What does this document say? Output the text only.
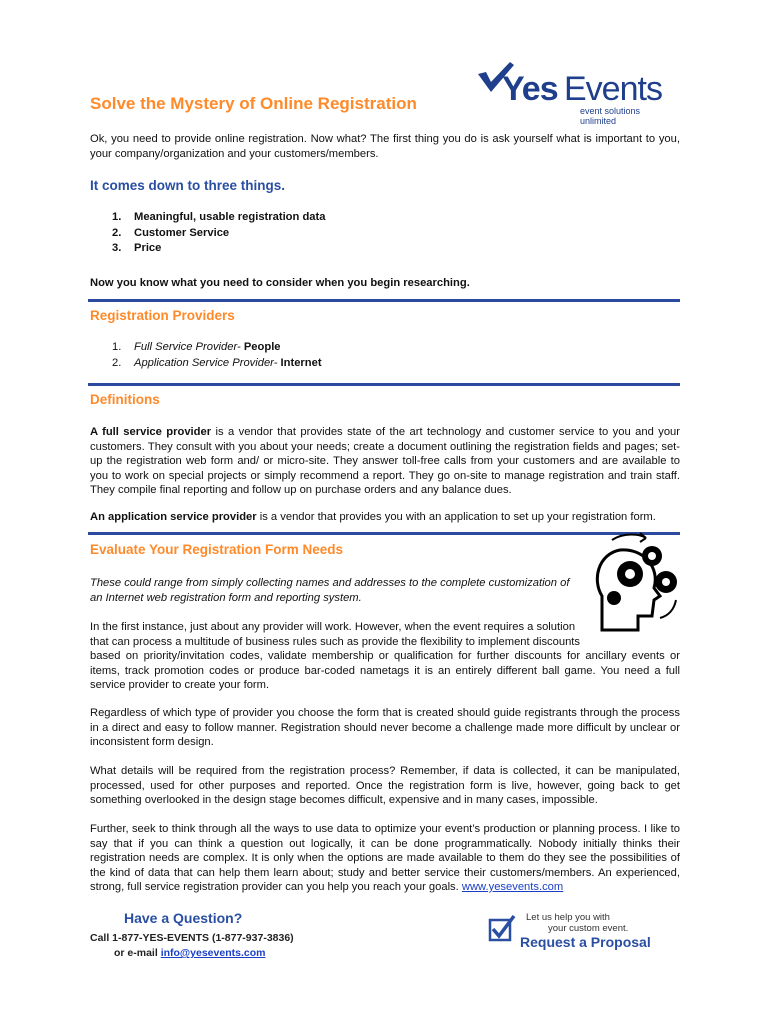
Yes Events
event solutions unlimited
Solve the Mystery of Online Registration

Ok, you need to provide online registration. Now what? The first thing you do is ask yourself what is important to you, your company/organization and your customers/members.

It comes down to three things.
1. Meaningful, usable registration data
2. Customer Service
3. Price

Now you know what you need to consider when you begin researching.

Registration Providers
1. Full Service Provider- People
2. Application Service Provider- Internet
Definitions

A full service provider is a vendor that provides state of the art technology and customer service to you and your customers. They consult with you about your needs; create a document outlining the registration fields and pages; set-up the registration web form and/ or micro-site. They answer toll-free calls from your customers and are available to you to work on special projects or simply recommend a report. They go on-site to manage registration and train staff. They compile final reporting and follow up on purchase orders and any balance dues.

An application service provider is a vendor that provides you with an application to set up your registration form.

Evaluate Your Registration Form Needs

These could range from simply collecting names and addresses to the complete customization of
an Internet web registration form and reporting system.

In the first instance, just about any provider will work. However, when the event requires a solution
that can process a multitude of business rules such as provide the flexibility to implement discounts
based on priority/invitation codes, validate membership or qualification for further discounts for ancillary events or items, track promotion codes or produce bar-coded nametags it is an entirely different ball game. You need a full service provider to create your form.

Regardless of which type of provider you choose the form that is created should guide registrants through the process in a direct and easy to follow manner. Registration should never become a challenge made more difficult by unclear or inconsistent form design.

What details will be required from the registration process? Remember, if data is collected, it can be manipulated, processed, used for other purposes and reported. Once the registration form is live, however, going back to get something overlooked in the design stage becomes difficult, expensive and in many cases, impossible.

Further, seek to think through all the ways to use data to optimize your event’s production or planning process. I like to say that if you can think a question out logically, it can be done programmatically. Nobody initially thinks their registration needs are complex. It is only when the options are made available to them do they see the possibilities of the kind of data that can help them learn about; study and better service their customers/members. An experienced, strong, full service registration provider can you help you reach your goals. www.yesevents.com

Have a Question?
Call 1-877-YES-EVENTS (1-877-937-3836)
or e-mail info@yesevents.com
Let us help you with
your custom event.
Request a Proposal
